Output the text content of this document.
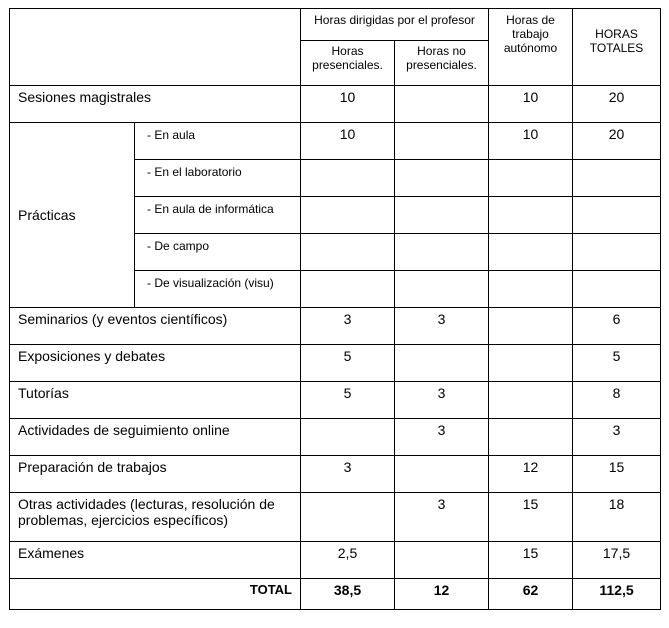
		Horas dirigidas por el profesor		Horas de trabajo autónomo	HORAS TOTALES
		Horas presenciales.	Horas no presenciales.		
Sesiones magistrales		10		10	20
Prácticas	- En aula	10		10	20
	- En el laboratorio				
	- En aula de informática				
	- De campo				
	- De visualización (visu)				
Seminarios (y eventos científicos)		3	3		6
Exposiciones y debates		5			5
Tutorías		5	3		8
Actividades de seguimiento online			3		3
Preparación de trabajos		3		12	15
Otras actividades (lecturas, resolución de problemas, ejercicios específicos)			3	15	18
Exámenes		2,5		15	17,5
TOTAL		38,5	12	62	112,5
